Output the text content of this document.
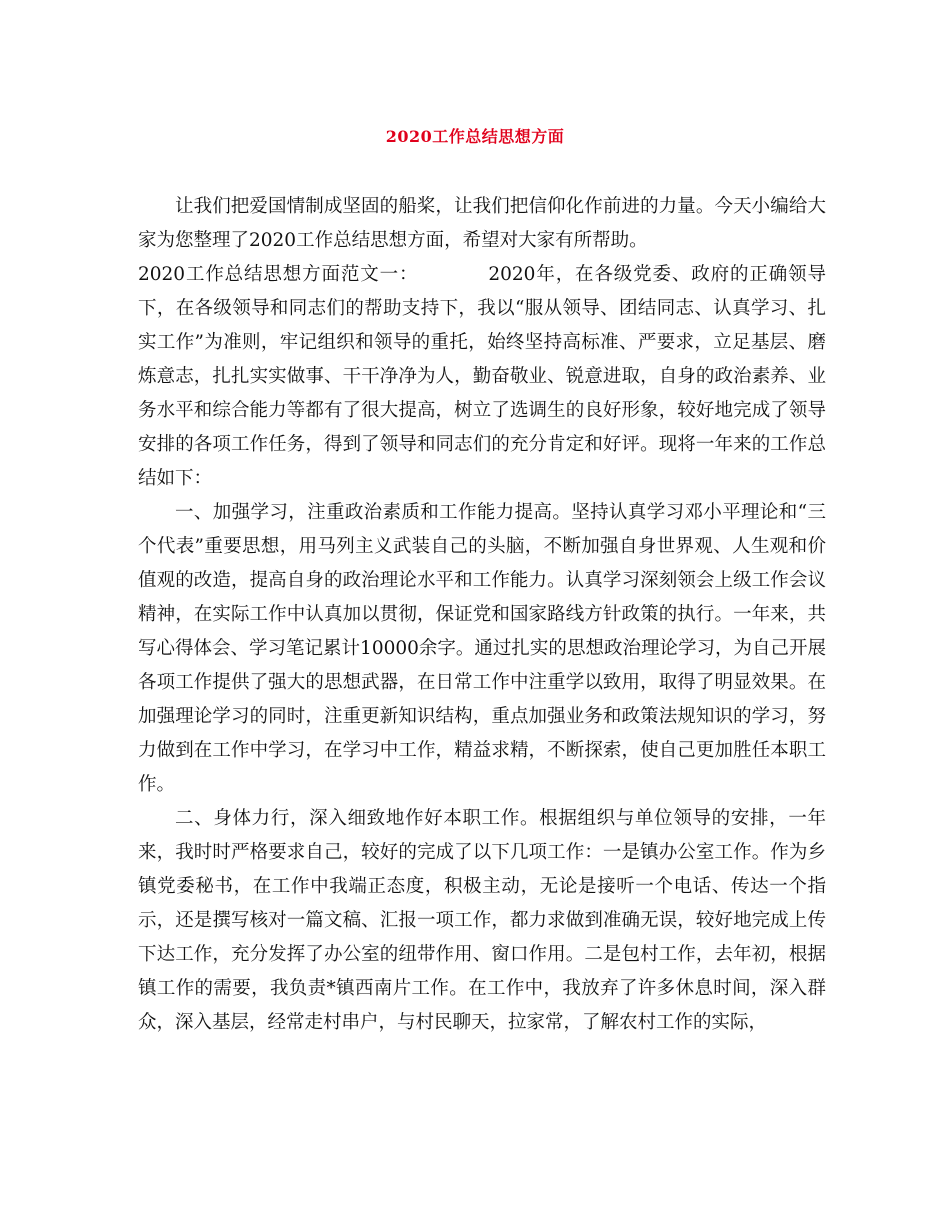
2020工作总结思想方面

让我们把爱国情制成坚固的船桨，让我们把信仰化作前进的力量。今天小编给大家为您整理了2020工作总结思想方面，希望对大家有所帮助。

2020工作总结思想方面范文一：	2020年，在各级党委、政府的正确领导下，在各级领导和同志们的帮助支持下，我以“服从领导、团结同志、认真学习、扎实工作”为准则，牢记组织和领导的重托，始终坚持高标准、严要求，立足基层、磨炼意志，扎扎实实做事、干干净净为人，勤奋敬业、锐意进取，自身的政治素养、业务水平和综合能力等都有了很大提高，树立了选调生的良好形象，较好地完成了领导安排的各项工作任务，得到了领导和同志们的充分肯定和好评。现将一年来的工作总结如下：

一、加强学习，注重政治素质和工作能力提高。坚持认真学习邓小平理论和“三个代表”重要思想，用马列主义武装自己的头脑，不断加强自身世界观、人生观和价值观的改造，提高自身的政治理论水平和工作能力。认真学习深刻领会上级工作会议精神，在实际工作中认真加以贯彻，保证党和国家路线方针政策的执行。一年来，共写心得体会、学习笔记累计10000余字。通过扎实的思想政治理论学习，为自己开展各项工作提供了强大的思想武器，在日常工作中注重学以致用，取得了明显效果。在加强理论学习的同时，注重更新知识结构，重点加强业务和政策法规知识的学习，努力做到在工作中学习，在学习中工作，精益求精，不断探索，使自己更加胜任本职工作。

二、身体力行，深入细致地作好本职工作。根据组织与单位领导的安排，一年来，我时时严格要求自己，较好的完成了以下几项工作：一是镇办公室工作。作为乡镇党委秘书，在工作中我端正态度，积极主动，无论是接听一个电话、传达一个指示，还是撰写核对一篇文稿、汇报一项工作，都力求做到准确无误，较好地完成上传下达工作，充分发挥了办公室的纽带作用、窗口作用。二是包村工作，去年初，根据镇工作的需要，我负责*镇西南片工作。在工作中，我放弃了许多休息时间，深入群众，深入基层，经常走村串户，与村民聊天，拉家常，了解农村工作的实际，
